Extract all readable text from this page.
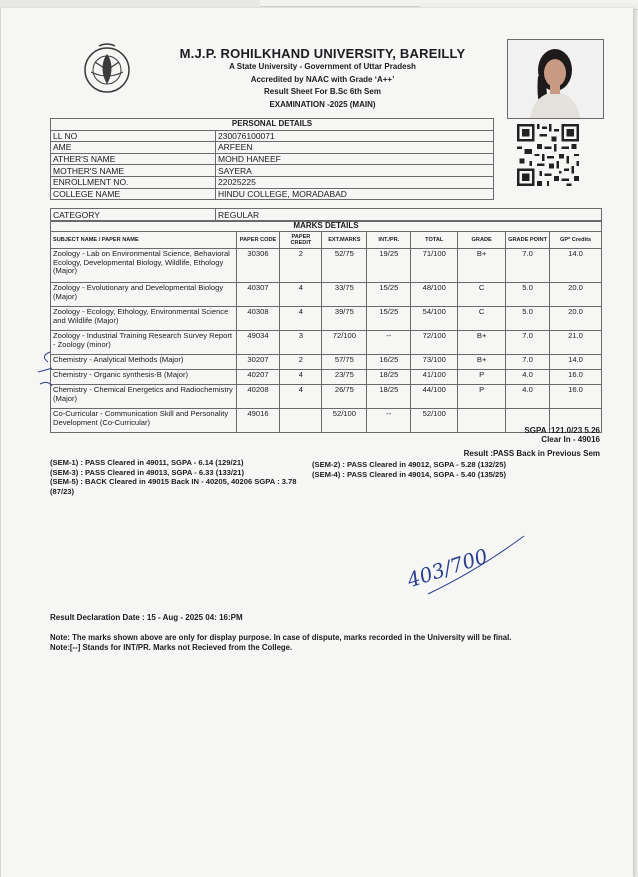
M.J.P. ROHILKHAND UNIVERSITY, BAREILLY
A State University - Government of Uttar Pradesh
Accredited by NAAC with Grade ‘A++’
Result Sheet For B.Sc 6th Sem
EXAMINATION -2025 (MAIN)
PERSONAL DETAILS	
LL NO	230076100071
AME	ARFEEN
ATHER'S NAME	MOHD HANEEF
MOTHER'S NAME	SAYERA
ENROLLMENT NO.	22025225
COLLEGE NAME	HINDU COLLEGE, MORADABAD
CATEGORY	REGULAR
MARKS DETAILS								
SUBJECT NAME / PAPER NAME	PAPER CODE	PAPER CREDIT	EXT.MARKS	INT./PR.	TOTAL	GRADE	GRADE POINT	GP* Credits
Zoology - Lab on Environmental Science, Behavioral Ecology, Developmental Biology, Wildlife, Ethology (Major)	30306	2	52/75	19/25	71/100	B+	7.0	14.0
Zoology - Evolutionary and Developmental Biology (Major)	40307	4	33/75	15/25	48/100	C	5.0	20.0
Zoology - Ecology, Ethology, Environmental Science and Wildlife (Major)	40308	4	39/75	15/25	54/100	C	5.0	20.0
Zoology - Industrial Training Research Survey Report - Zoology (minor)	49034	3	72/100	--	72/100	B+	7.0	21.0
Chemistry - Analytical Methods (Major)	30207	2	57/75	16/25	73/100	B+	7.0	14.0
Chemistry - Organic synthesis-B (Major)	40207	4	23/75	18/25	41/100	P	4.0	16.0
Chemistry - Chemical Energetics and Radiochemistry (Major)	40208	4	26/75	18/25	44/100	P	4.0	16.0
Co-Curricular - Communication Skill and Personality Development (Co-Curricular)	49016		52/100	--	52/100			
SGPA :121.0/23 5.26
Clear In - 49016
Result :PASS Back in Previous Sem
(SEM-1) : PASS Cleared in 49011, SGPA - 6.14 (129/21)
(SEM-3) : PASS Cleared in 49013, SGPA - 6.33 (133/21)
(SEM-5) : BACK Cleared in 49015 Back IN - 40205, 40206 SGPA : 3.78 (87/23)
(SEM-2) : PASS Cleared in 49012, SGPA - 5.28 (132/25)
(SEM-4) : PASS Cleared in 49014, SGPA - 5.40 (135/25)
403/700
Result Declaration Date : 15 - Aug - 2025 04: 16:PM
Note: The marks shown above are only for display purpose. In case of dispute, marks recorded in the University will be final.
Note:[--] Stands for INT/PR. Marks not Recieved from the College.
